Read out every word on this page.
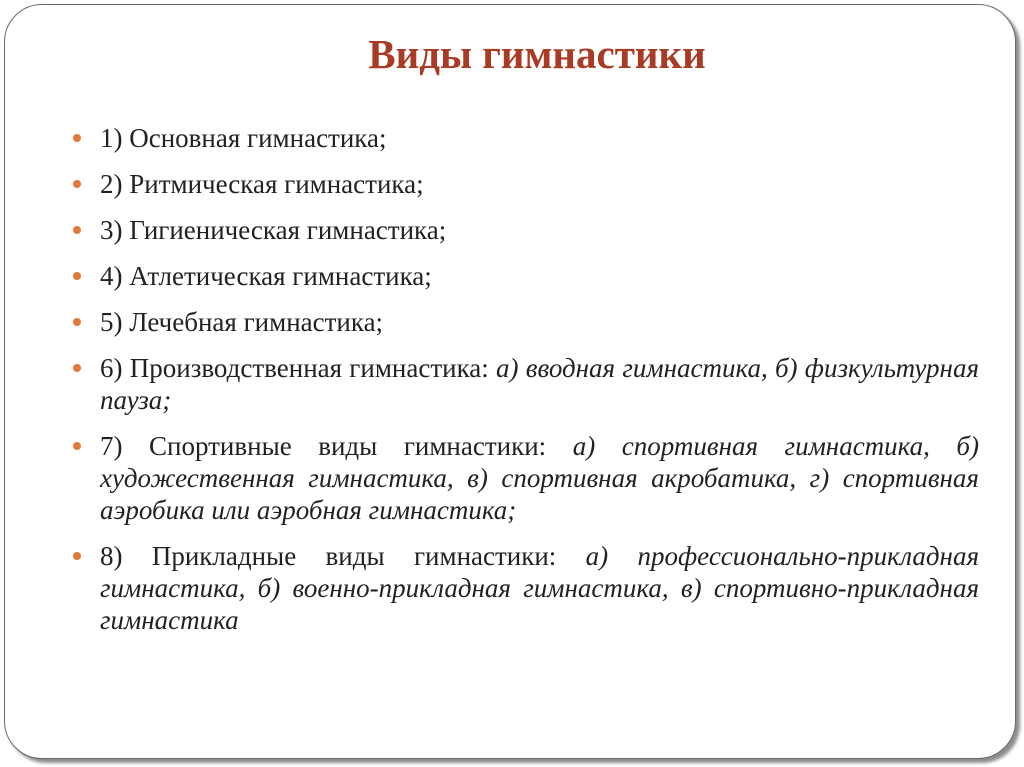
Виды гимнастики
1) Основная гимнастика;
2) Ритмическая гимнастика;
3) Гигиеническая гимнастика;
4) Атлетическая гимнастика;
5) Лечебная гимнастика;
6) Производственная гимнастика: а) вводная гимнастика, б) физкультурная пауза;
7) Спортивные виды гимнастики: а) спортивная гимнастика, б) художественная гимнастика, в) спортивная акробатика, г) спортивная аэробика или аэробная гимнастика;
8) Прикладные виды гимнастики: а) профессионально-прикладная гимнастика, б) военно-прикладная гимнастика, в) спортивно-прикладная гимнастика
